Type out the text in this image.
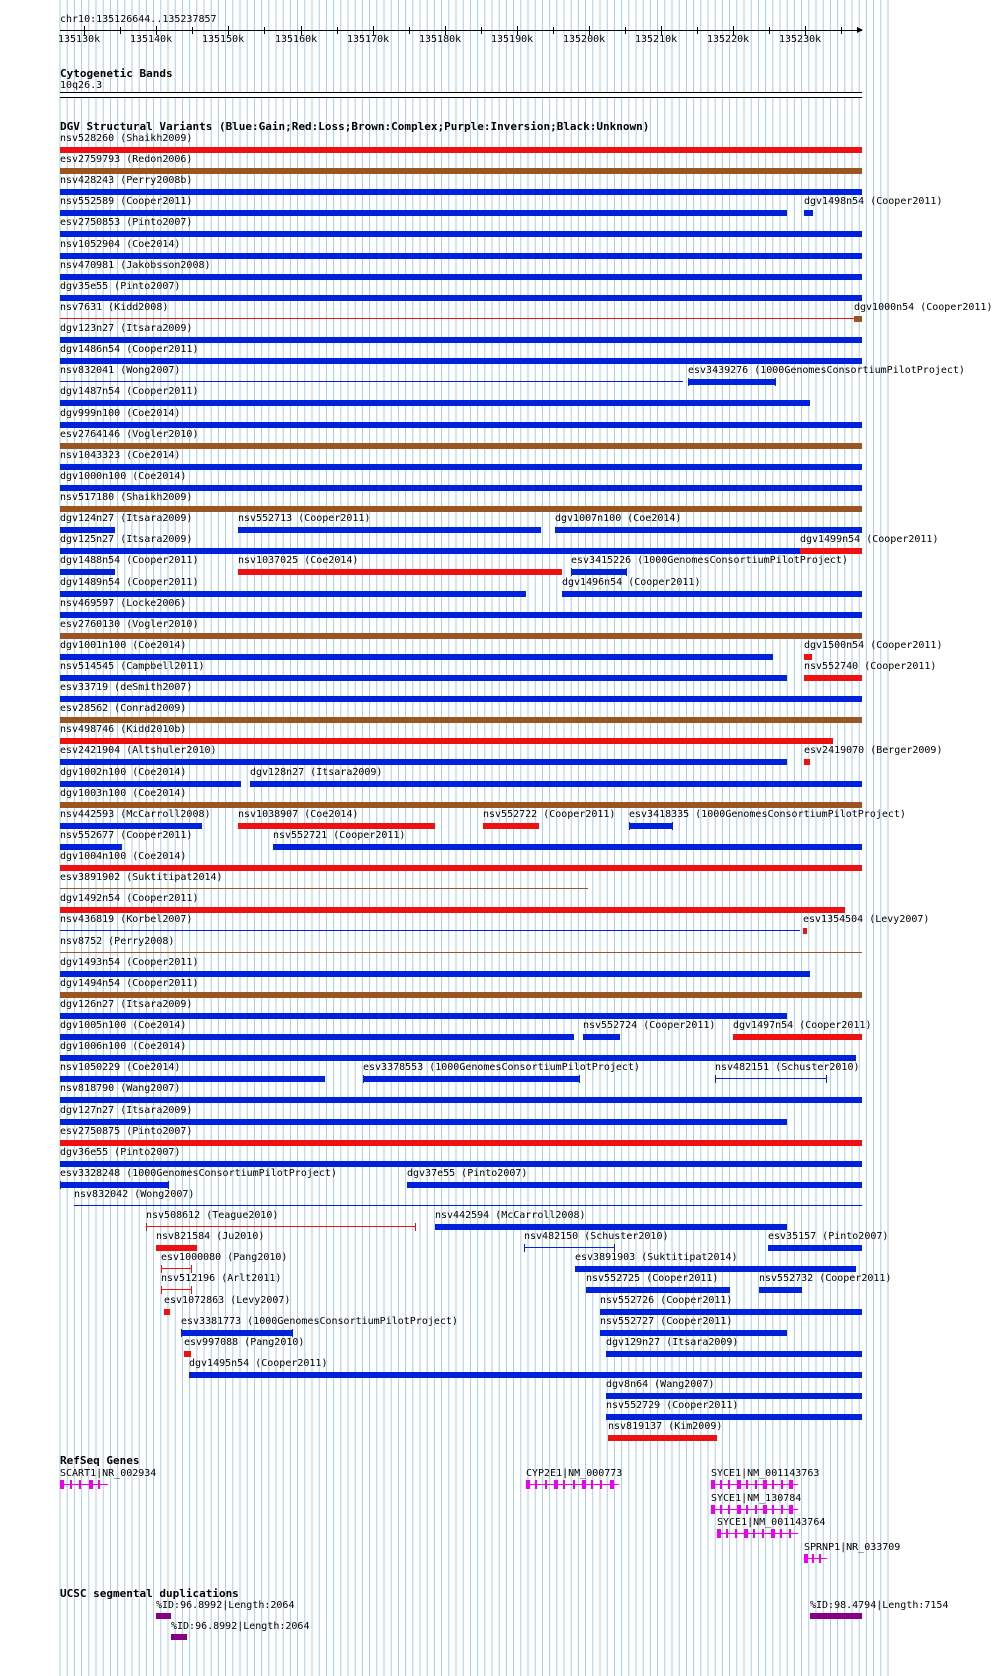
chr10:135126644..135237857
135130k	135140k	135150k	135160k	135170k	135180k	135190k	135200k	135210k	135220k	135230k
Cytogenetic Bands
10q26.3
DGV Structural Variants (Blue:Gain;Red:Loss;Brown:Complex;Purple:Inversion;Black:Unknown)
nsv528260 (Shaikh2009)
esv2759793 (Redon2006)
nsv428243 (Perry2008b)
nsv552589 (Cooper2011)	dgv1498n54 (Cooper2011)
esv2750853 (Pinto2007)
nsv1052904 (Coe2014)
nsv470981 (Jakobsson2008)
dgv35e55 (Pinto2007)
nsv7631 (Kidd2008)	dgv1000n54 (Cooper2011)
dgv123n27 (Itsara2009)
dgv1486n54 (Cooper2011)
nsv832041 (Wong2007)	esv3439276 (1000GenomesConsortiumPilotProject)
dgv1487n54 (Cooper2011)
dgv999n100 (Coe2014)
esv2764146 (Vogler2010)
nsv1043323 (Coe2014)
dgv1000n100 (Coe2014)
nsv517180 (Shaikh2009)
dgv124n27 (Itsara2009)	nsv552713 (Cooper2011)	dgv1007n100 (Coe2014)
dgv125n27 (Itsara2009)	dgv1499n54 (Cooper2011)
dgv1488n54 (Cooper2011)	nsv1037025 (Coe2014)	esv3415226 (1000GenomesConsortiumPilotProject)
dgv1489n54 (Cooper2011)	dgv1496n54 (Cooper2011)
nsv469597 (Locke2006)
esv2760130 (Vogler2010)
dgv1001n100 (Coe2014)	dgv1500n54 (Cooper2011)
nsv514545 (Campbell2011)	nsv552740 (Cooper2011)
esv33719 (deSmith2007)
esv28562 (Conrad2009)
nsv498746 (Kidd2010b)
esv2421904 (Altshuler2010)	esv2419070 (Berger2009)
dgv1002n100 (Coe2014)	dgv128n27 (Itsara2009)
dgv1003n100 (Coe2014)
nsv442593 (McCarroll2008)	nsv1038907 (Coe2014)	nsv552722 (Cooper2011) esv3418335 (1000GenomesConsortiumPilotProject)
nsv552677 (Cooper2011)	nsv552721 (Cooper2011)
dgv1004n100 (Coe2014)
esv3891902 (Suktitipat2014)
dgv1492n54 (Cooper2011)
nsv436819 (Korbel2007)	esv1354504 (Levy2007)
nsv8752 (Perry2008)
dgv1493n54 (Cooper2011)
dgv1494n54 (Cooper2011)
dgv126n27 (Itsara2009)
dgv1005n100 (Coe2014)	nsv552724 (Cooper2011) dgv1497n54 (Cooper2011)
dgv1006n100 (Coe2014)
nsv1050229 (Coe2014)	esv3378553 (1000GenomesConsortiumPilotProject)	nsv482151 (Schuster2010)
nsv818790 (Wang2007)
dgv127n27 (Itsara2009)
esv2750875 (Pinto2007)
dgv36e55 (Pinto2007)
esv3328248 (1000GenomesConsortiumPilotProject)	dgv37e55 (Pinto2007)
nsv832042 (Wong2007)
nsv508612 (Teague2010)	nsv442594 (McCarroll2008)
nsv821584 (Ju2010)	nsv482150 (Schuster2010)	esv35157 (Pinto2007)
esv1000080 (Pang2010)	esv3891903 (Suktitipat2014)
nsv512196 (Arlt2011)	nsv552725 (Cooper2011)	nsv552732 (Cooper2011)
esv1072863 (Levy2007)	nsv552726 (Cooper2011)
esv3381773 (1000GenomesConsortiumPilotProject)	nsv552727 (Cooper2011)
esv997088 (Pang2010)	dgv129n27 (Itsara2009)
dgv1495n54 (Cooper2011)
dgv8n64 (Wang2007)
nsv552729 (Cooper2011)
nsv819137 (Kim2009)
RefSeq Genes
SCART1|NR_002934	CYP2E1|NM_000773	SYCE1|NM_001143763
SYCE1|NM_130784
SYCE1|NM_001143764
SPRNP1|NR_033709
UCSC segmental duplications
%ID:96.8992|Length:2064
%ID:96.8992|Length:2064
%ID:98.4794|Length:7154
